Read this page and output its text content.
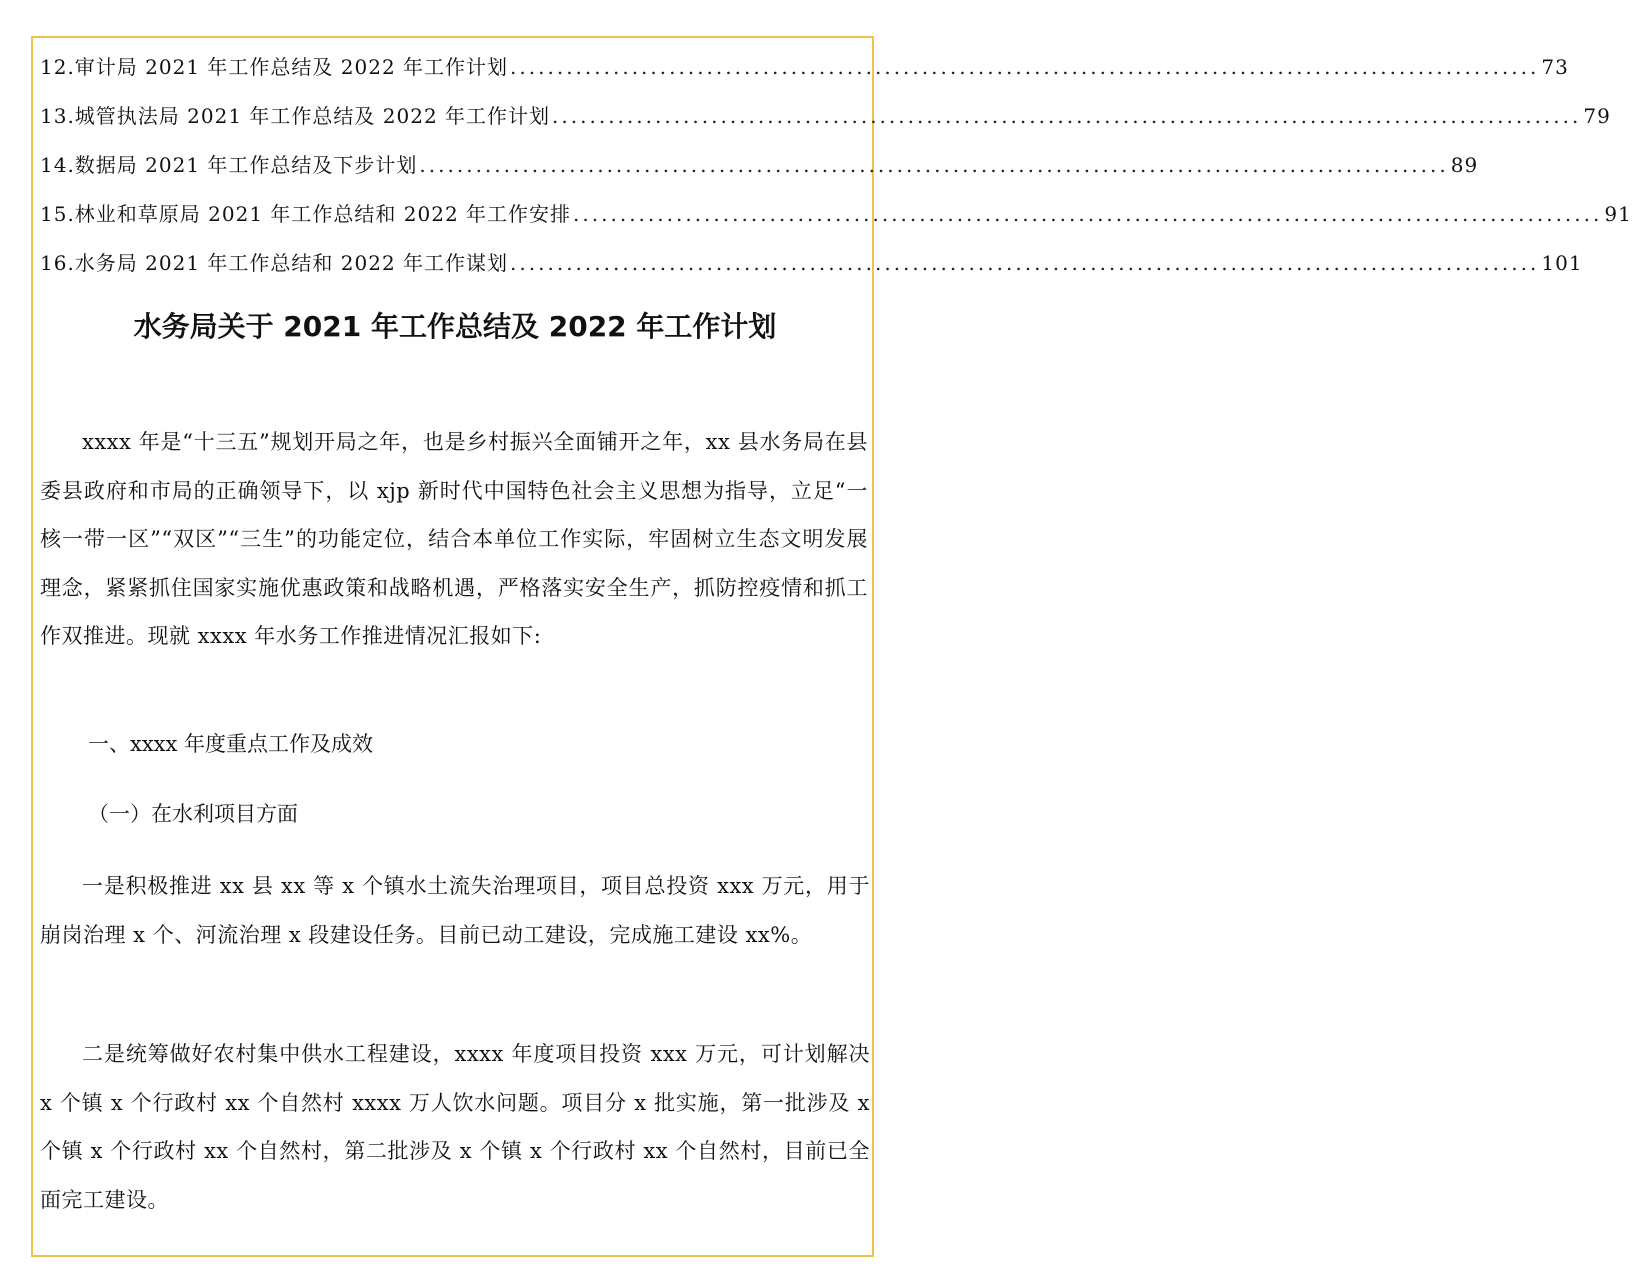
12.审计局 2021 年工作总结及 2022 年工作计划 .............................................................................................................. 73
13.城管执法局 2021 年工作总结及 2022 年工作计划 .............................................................................................................. 79
14.数据局 2021 年工作总结及下步计划 .............................................................................................................. 89
15.林业和草原局 2021 年工作总结和 2022 年工作安排 .............................................................................................................. 91
16.水务局 2021 年工作总结和 2022 年工作谋划 .............................................................................................................. 101
水务局关于 2021 年工作总结及 2022 年工作计划

xxxx 年是“十三五”规划开局之年，也是乡村振兴全面铺开之年，xx 县水务局在县委县政府和市局的正确领导下，以 xjp 新时代中国特色社会主义思想为指导，立足“一核一带一区”“双区”“三生”的功能定位，结合本单位工作实际，牢固树立生态文明发展理念，紧紧抓住国家实施优惠政策和战略机遇，严格落实安全生产，抓防控疫情和抓工作双推进。现就 xxxx 年水务工作推进情况汇报如下:

一、xxxx 年度重点工作及成效
（一）在水利项目方面

一是积极推进 xx 县 xx 等 x 个镇水土流失治理项目，项目总投资 xxx 万元，用于崩岗治理 x 个、河流治理 x 段建设任务。目前已动工建设，完成施工建设 xx%。

二是统筹做好农村集中供水工程建设，xxxx 年度项目投资 xxx 万元，可计划解决 x 个镇 x 个行政村 xx 个自然村 xxxx 万人饮水问题。项目分 x 批实施，第一批涉及 x 个镇 x 个行政村 xx 个自然村，第二批涉及 x 个镇 x 个行政村 xx 个自然村，目前已全面完工建设。
